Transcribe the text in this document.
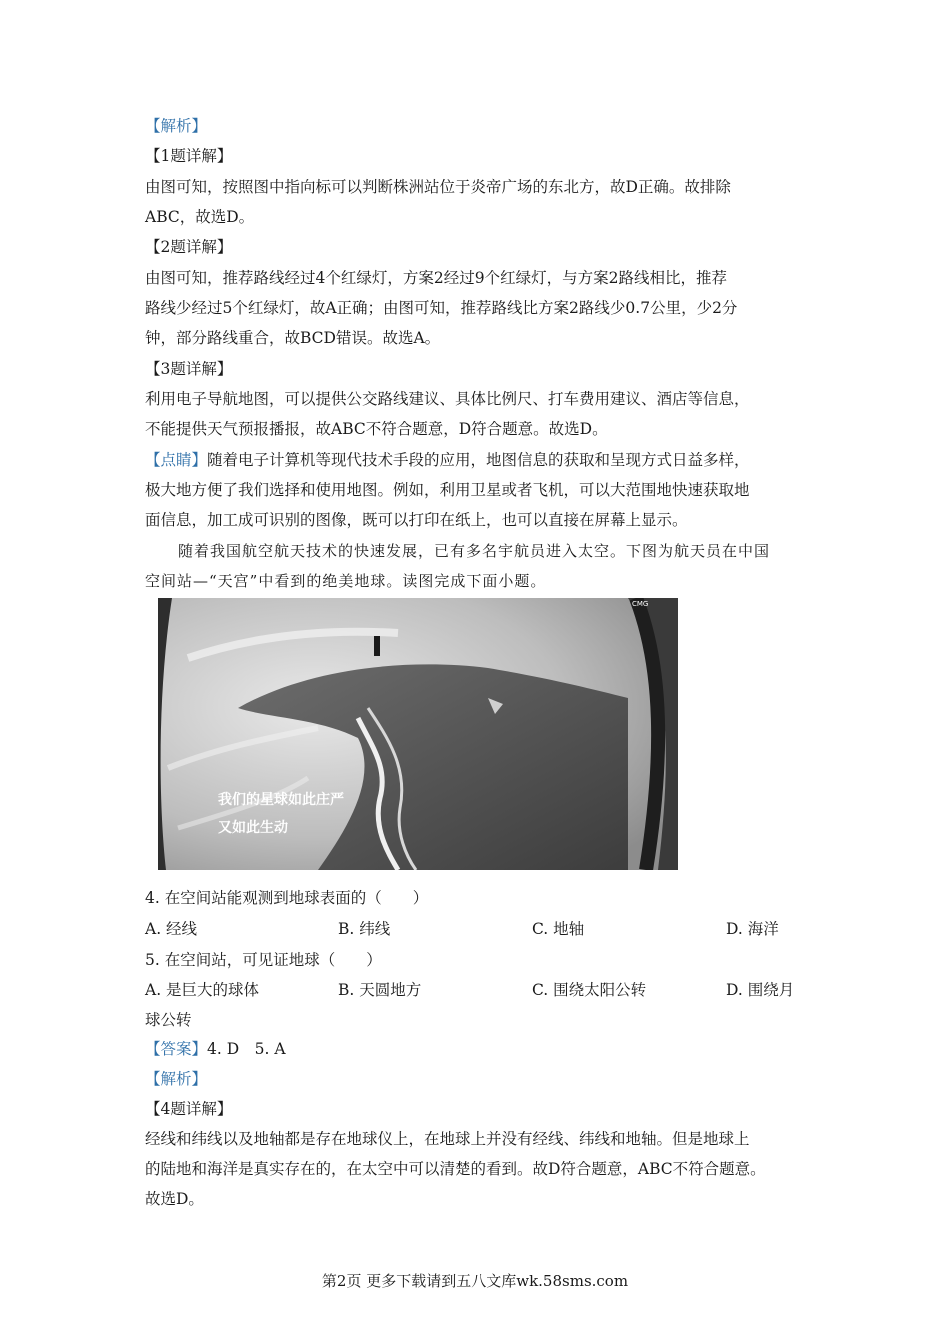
【解析】
【1题详解】
由图可知，按照图中指向标可以判断株洲站位于炎帝广场的东北方，故D正确。故排除
ABC，故选D。
【2题详解】
由图可知，推荐路线经过4个红绿灯，方案2经过9个红绿灯，与方案2路线相比，推荐
路线少经过5个红绿灯，故A正确；由图可知，推荐路线比方案2路线少0.7公里，少2分
钟，部分路线重合，故BCD错误。故选A。
【3题详解】
利用电子导航地图，可以提供公交路线建议、具体比例尺、打车费用建议、酒店等信息，
不能提供天气预报播报，故ABC不符合题意，D符合题意。故选D。
【点睛】随着电子计算机等现代技术手段的应用，地图信息的获取和呈现方式日益多样，
极大地方便了我们选择和使用地图。例如，利用卫星或者飞机，可以大范围地快速获取地
面信息，加工成可识别的图像，既可以打印在纸上，也可以直接在屏幕上显示。
随着我国航空航天技术的快速发展，已有多名宇航员进入太空。下图为航天员在中国
空间站—“天宫”中看到的绝美地球。读图完成下面小题。
CMG
我们的星球如此庄严
又如此生动
4. 在空间站能观测到地球表面的（　　）
A. 经线	B. 纬线	C. 地轴	D. 海洋
5. 在空间站，可见证地球（　　）
A. 是巨大的球体	B. 天圆地方	C. 围绕太阳公转	D. 围绕月
球公转
【答案】4. D　5. A
【解析】
【4题详解】
经线和纬线以及地轴都是存在地球仪上，在地球上并没有经线、纬线和地轴。但是地球上
的陆地和海洋是真实存在的，在太空中可以清楚的看到。故D符合题意，ABC不符合题意。
故选D。
第2页 更多下载请到五八文库wk.58sms.com
